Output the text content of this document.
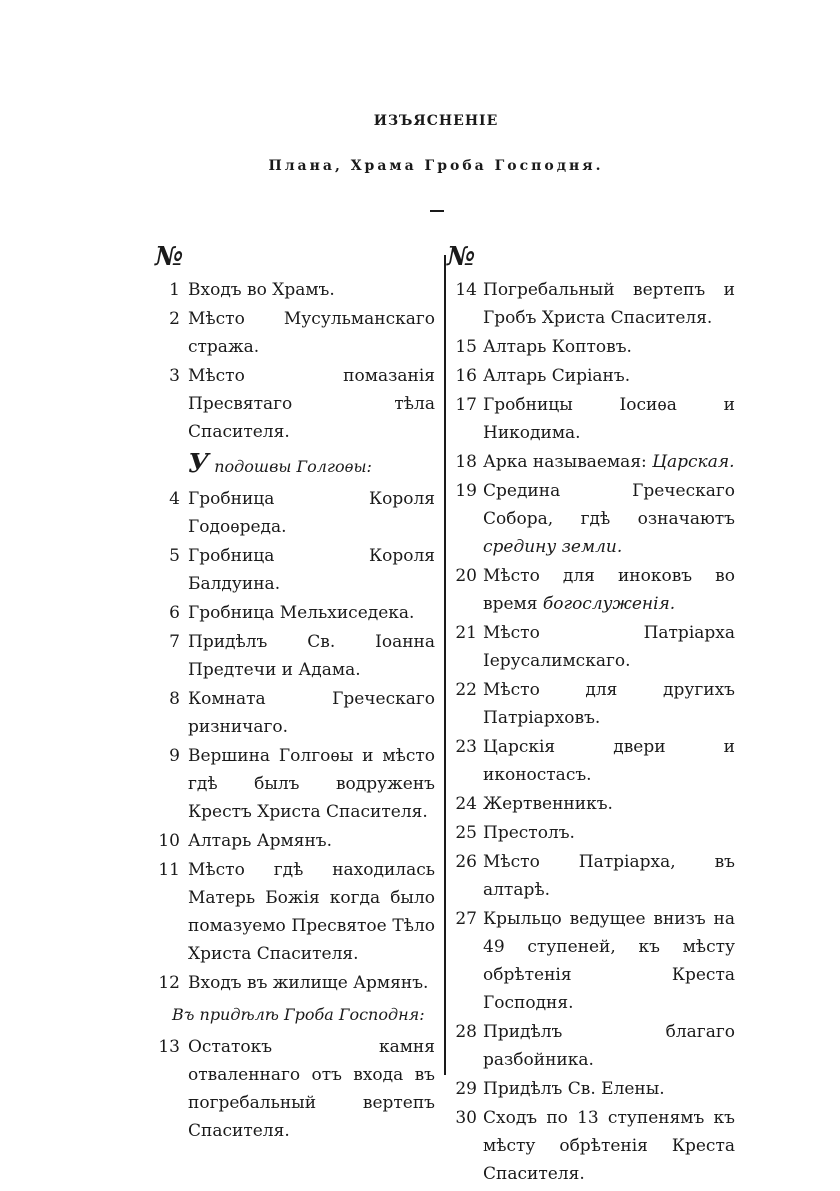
ИЗЪЯСНЕНІЕ
Плана, Храма Гроба Господня.
№
1 Входъ во Храмъ.
2 Мѣсто Мусульманскаго стража.
3 Мѣсто помазанія Пресвятаго тѣла Спасителя.
У подошвы Голгоѳы:
4 Гробница Короля Годоѳреда.
5 Гробница Короля Балдуина.
6 Гробница Мельхиседека.
7 Придѣлъ Св. Іоанна Предтечи и Адама.
8 Комната Греческаго ризничаго.
9 Вершина Голгоѳы и мѣсто гдѣ былъ водруженъ Крестъ Христа Спасителя.
10 Алтарь Армянъ.
11 Мѣсто гдѣ находилась Матерь Божія когда было помазуемо Пресвятое Тѣло Христа Спасителя.
12 Входъ въ жилище Армянъ.
Въ придѣлѣ Гроба Господня:
13 Остатокъ камня отваленнаго отъ входа въ погребальный вертепъ Спасителя.
№
14 Погребальный вертепъ и Гробъ Христа Спасителя.
15 Алтарь Коптовъ.
16 Алтарь Сиріанъ.
17 Гробницы Іосиѳа и Никодима.
18 Арка называемая: Царская.
19 Средина Греческаго Собора, гдѣ означаютъ средину земли.
20 Мѣсто для иноковъ во время богослуженія.
21 Мѣсто Патріарха Іерусалимскаго.
22 Мѣсто для другихъ Патріарховъ.
23 Царскія двери и иконостасъ.
24 Жертвенникъ.
25 Престолъ.
26 Мѣсто Патріарха, въ алтарѣ.
27 Крыльцо ведущее внизъ на 49 ступеней, къ мѣсту обрѣтенія Креста Господня.
28 Придѣлъ благаго разбойника.
29 Придѣлъ Св. Елены.
30 Сходъ по 13 ступенямъ къ мѣсту обрѣтенія Креста Спасителя.
